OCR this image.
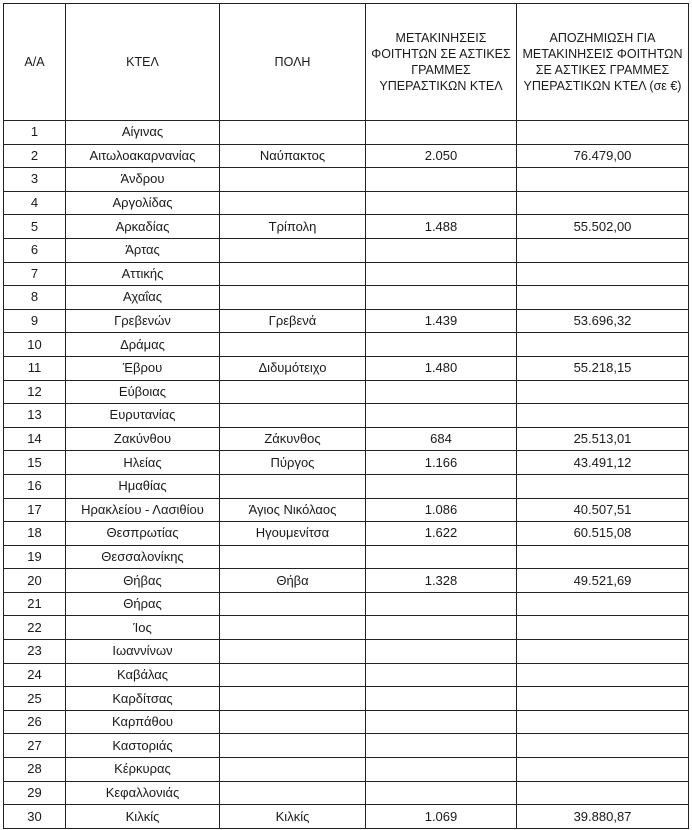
Α/Α	ΚΤΕΛ	ΠΟΛΗ	ΜΕΤΑΚΙΝΗΣΕΙΣ ΦΟΙΤΗΤΩΝ ΣΕ ΑΣΤΙΚΕΣ ΓΡΑΜΜΕΣ ΥΠΕΡΑΣΤΙΚΩΝ ΚΤΕΛ	ΑΠΟΖΗΜΙΩΣΗ ΓΙΑ ΜΕΤΑΚΙΝΗΣΕΙΣ ΦΟΙΤΗΤΩΝ ΣΕ ΑΣΤΙΚΕΣ ΓΡΑΜΜΕΣ ΥΠΕΡΑΣΤΙΚΩΝ ΚΤΕΛ (σε €)

1	Αίγινας			
2	Αιτωλοακαρνανίας	Ναύπακτος	2.050	76.479,00
3	Άνδρου			
4	Αργολίδας			
5	Αρκαδίας	Τρίπολη	1.488	55.502,00
6	Άρτας			
7	Αττικής			
8	Αχαΐας			
9	Γρεβενών	Γρεβενά	1.439	53.696,32
10	Δράμας			
11	Έβρου	Διδυμότειχο	1.480	55.218,15
12	Εύβοιας			
13	Ευρυτανίας			
14	Ζακύνθου	Ζάκυνθος	684	25.513,01
15	Ηλείας	Πύργος	1.166	43.491,12
16	Ημαθίας			
17	Ηρακλείου - Λασιθίου	Άγιος Νικόλαος	1.086	40.507,51
18	Θεσπρωτίας	Ηγουμενίτσα	1.622	60.515,08
19	Θεσσαλονίκης			
20	Θήβας	Θήβα	1.328	49.521,69
21	Θήρας			
22	Ίος			
23	Ιωαννίνων			
24	Καβάλας			
25	Καρδίτσας			
26	Καρπάθου			
27	Καστοριάς			
28	Κέρκυρας			
29	Κεφαλλονιάς			
30	Κιλκίς	Κιλκίς	1.069	39.880,87
